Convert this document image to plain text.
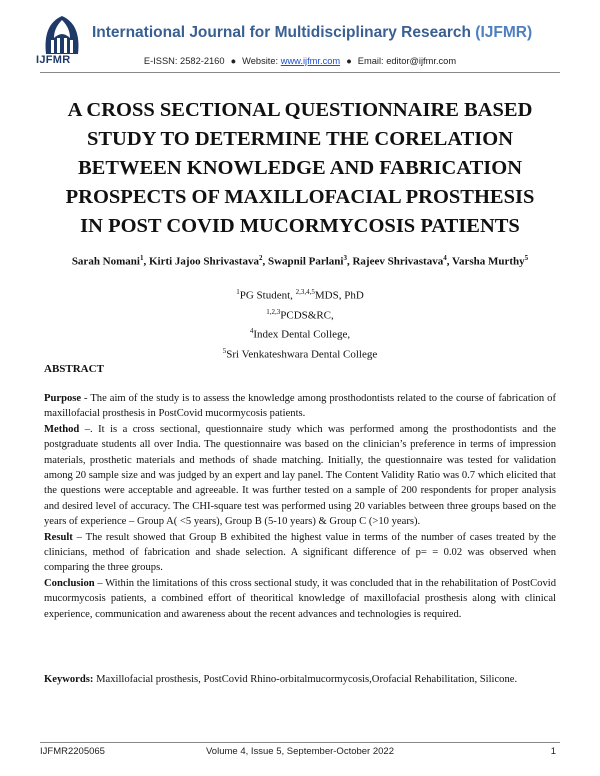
IJFMR
International Journal for Multidisciplinary Research (IJFMR)
E-ISSN: 2582-2160 ● Website: www.ijfmr.com ● Email: editor@ijfmr.com
A CROSS SECTIONAL QUESTIONNAIRE BASED
STUDY TO DETERMINE THE CORELATION
BETWEEN KNOWLEDGE AND FABRICATION
PROSPECTS OF MAXILLOFACIAL PROSTHESIS
IN POST COVID MUCORMYCOSIS PATIENTS
Sarah Nomani$^1$, Kirti Jajoo Shrivastava$^2$, Swapnil Parlani$^3$, Rajeev Shrivastava$^4$, Varsha Murthy$^5$
$^1$PG Student, $^{2,3,4,5}$MDS, PhD
$^{1,2,3}$PCDS&RC,
$^4$Index Dental College,
$^5$Sri Venkateshwara Dental College
ABSTRACT

Purpose - The aim of the study is to assess the knowledge among prosthodontists related to the course of fabrication of maxillofacial prosthesis in PostCovid mucormycosis patients.

Method –. It is a cross sectional, questionnaire study which was performed among the prosthodontists and the postgraduate students all over India. The questionnaire was based on the clinician’s preference in terms of impression materials, prosthetic materials and methods of shade matching. Initially, the questionnaire was tested for validation among 20 sample size and was judged by an expert and lay panel. The Content Validity Ratio was 0.7 which elicited that the questions were acceptable and agreeable. It was further tested on a sample of 200 respondents for proper analysis and desired level of accuracy. The CHI-square test was performed using 20 variables between three groups based on the years of experience – Group A( <5 years), Group B (5-10 years) & Group C (>10 years).

Result – The result showed that Group B exhibited the highest value in terms of the number of cases treated by the clinicians, method of fabrication and shade selection. A significant difference of p= = 0.02 was observed when comparing the three groups.

Conclusion – Within the limitations of this cross sectional study, it was concluded that in the rehabilitation of PostCovid mucormycosis patients, a combined effort of theoritical knowledge of maxillofacial prosthesis along with clinical experience, communication and awareness about the recent advances and technologies is required.

Keywords: Maxillofacial prosthesis, PostCovid Rhino-orbitalmucormycosis,Orofacial Rehabilitation, Silicone.
IJFMR2205065	Volume 4, Issue 5, September-October 2022	1
